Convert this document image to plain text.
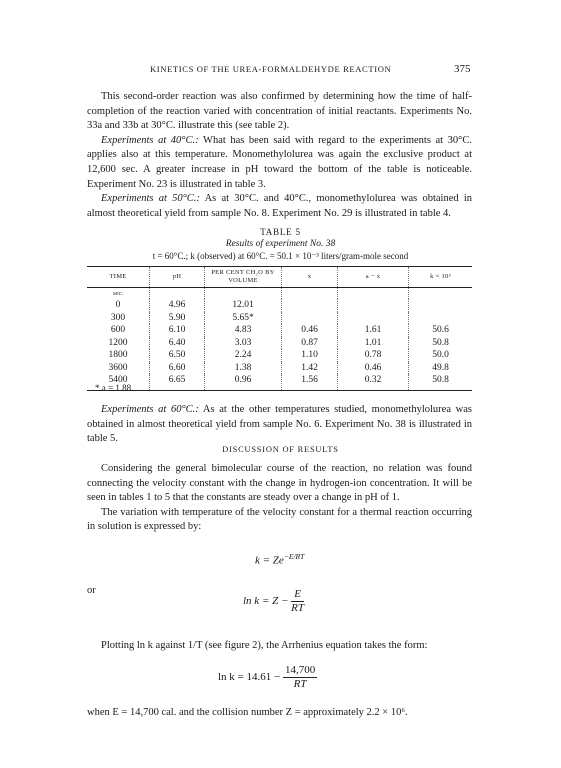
KINETICS OF THE UREA-FORMALDEHYDE REACTION	375

This second-order reaction was also confirmed by determining how the time of half-completion of the reaction varied with concentration of initial reactants. Experiments No. 33a and 33b at 30°C. illustrate this (see table 2).

Experiments at 40°C.: What has been said with regard to the experiments at 30°C. applies also at this temperature. Monomethylolurea was again the exclusive product at 12,600 sec. A greater increase in pH toward the bottom of the table is noticeable. Experiment No. 23 is illustrated in table 3.

Experiments at 50°C.: As at 30°C. and 40°C., monomethylolurea was obtained in almost theoretical yield from sample No. 8. Experiment No. 29 is illustrated in table 4.

TABLE 5
Results of experiment No. 38
t = 60°C.; k (observed) at 60°C. = 50.1 × 10⁻³ liters/gram-mole second
TIME	pH	PER CENT CH₂O BY VOLUME	x	a − x	k × 10³
sec.					
0	4.96	12.01			
300	5.90	5.65*			
600	6.10	4.83	0.46	1.61	50.6
1200	6.40	3.03	0.87	1.01	50.8
1800	6.50	2.24	1.10	0.78	50.0
3600	6.60	1.38	1.42	0.46	49.8
5400	6.65	0.96	1.56	0.32	50.8
* a = 1.88.

Experiments at 60°C.: As at the other temperatures studied, monomethylolurea was obtained in almost theoretical yield from sample No. 6. Experiment No. 38 is illustrated in table 5.

DISCUSSION OF RESULTS

Considering the general bimolecular course of the reaction, no relation was found connecting the velocity constant with the change in hydrogen-ion concentration. It will be seen in tables 1 to 5 that the constants are steady over a change in pH of 1.

The variation with temperature of the velocity constant for a thermal reaction occurring in solution is expressed by:

$k = Ze^{-E/RT}$
or
$\ln k = Z - \frac{E}{RT}$

Plotting ln k against 1/T (see figure 2), the Arrhenius equation takes the form:

$\ln k = 14.61 - \frac{14,700}{RT}$

when E = 14,700 cal. and the collision number Z = approximately 2.2 × 10⁶.
